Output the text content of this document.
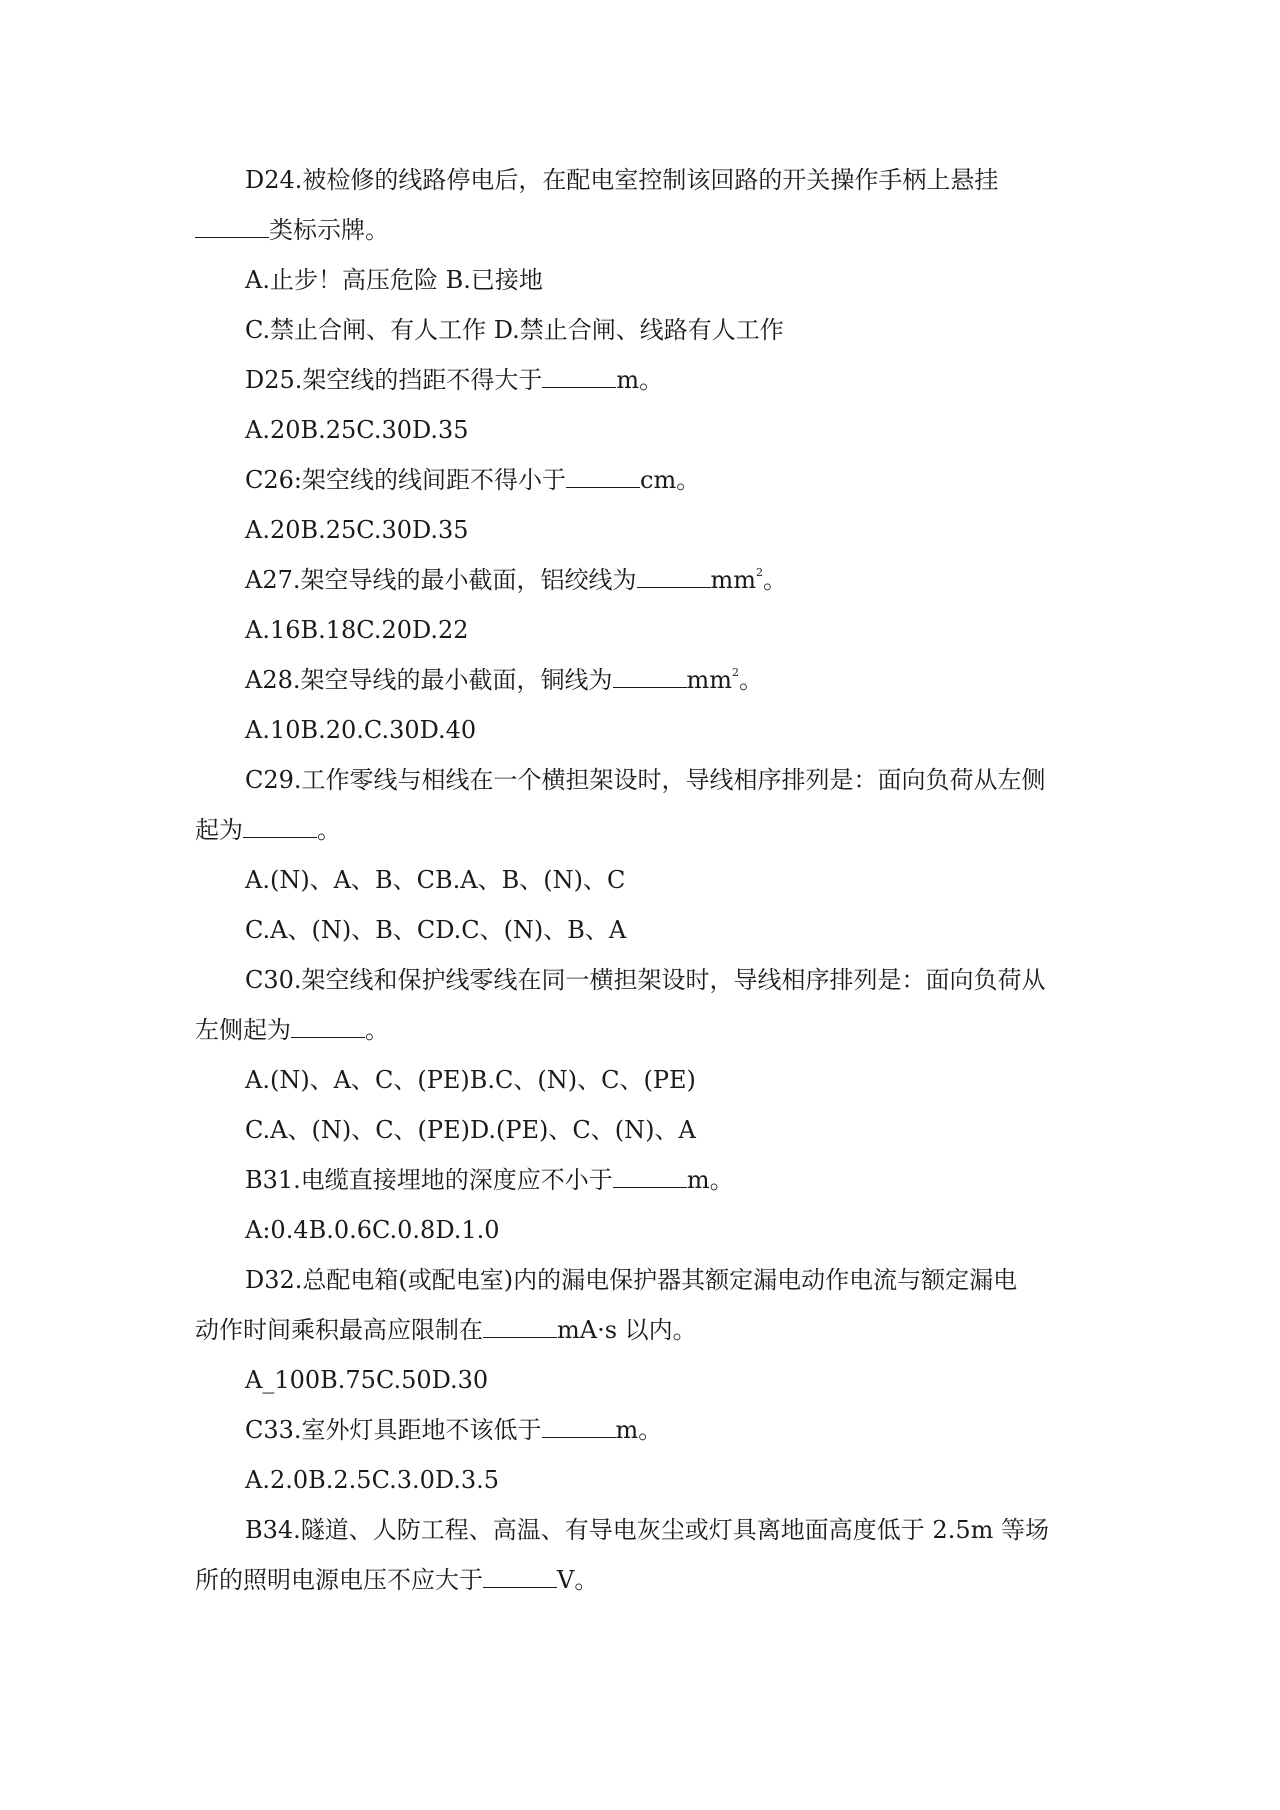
D24.被检修的线路停电后，在配电室控制该回路的开关操作手柄上悬挂
类标示牌。
A.止步！高压危险 B.已接地
C.禁止合闸、有人工作 D.禁止合闸、线路有人工作
D25.架空线的挡距不得大于	m。
A.20B.25C.30D.35
C26:架空线的线间距不得小于	cm。
A.20B.25C.30D.35
A27.架空导线的最小截面，铝绞线为	$mm^2$。
A.16B.18C.20D.22
A28.架空导线的最小截面，铜线为	$mm^2$。
A.10B.20.C.30D.40
C29.工作零线与相线在一个横担架设时，导线相序排列是：面向负荷从左侧
起为	。
A.(N)、A、B、CB.A、B、(N)、C
C.A、(N)、B、CD.C、(N)、B、A
C30.架空线和保护线零线在同一横担架设时，导线相序排列是：面向负荷从
左侧起为	。
A.(N)、A、C、(PE)B.C、(N)、C、(PE)
C.A、(N)、C、(PE)D.(PE)、C、(N)、A
B31.电缆直接埋地的深度应不小于	m。
A:0.4B.0.6C.0.8D.1.0
D32.总配电箱(或配电室)内的漏电保护器其额定漏电动作电流与额定漏电
动作时间乘积最高应限制在	mA·s 以内。
A_100B.75C.50D.30
C33.室外灯具距地不该低于	m。
A.2.0B.2.5C.3.0D.3.5
B34.隧道、人防工程、高温、有导电灰尘或灯具离地面高度低于 2.5m 等场
所的照明电源电压不应大于	V。
